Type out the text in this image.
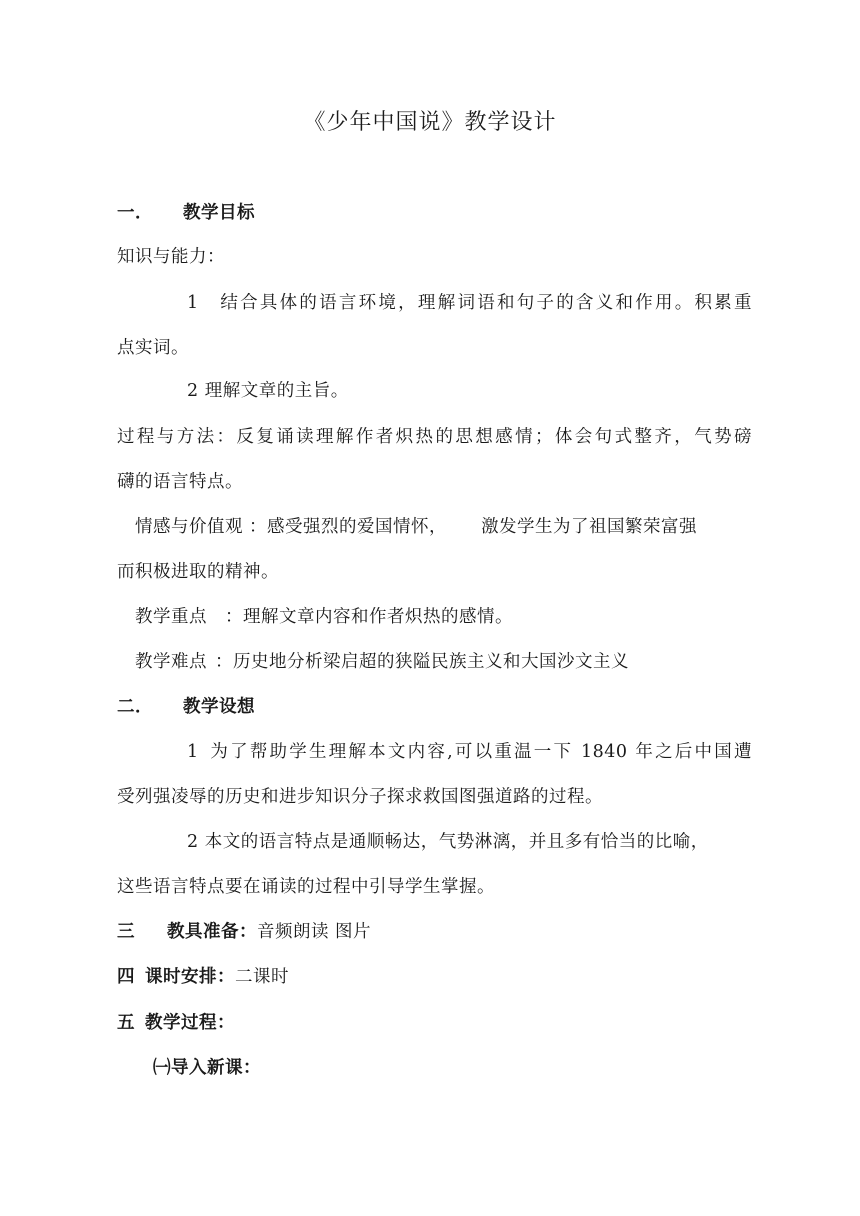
《少年中国说》教学设计
一． 教学目标
知识与能力：
1 结合具体的语言环境，理解词语和句子的含义和作用。积累重
点实词。
2 理解文章的主旨。
过程与方法：反复诵读理解作者炽热的思想感情；体会句式整齐，气势磅
礴的语言特点。
情感与价值观 ：感受强烈的爱国情怀， 激发学生为了祖国繁荣富强
而积极进取的精神。
教学重点 ：理解文章内容和作者炽热的感情。
教学难点 ：历史地分析梁启超的狭隘民族主义和大国沙文主义
二． 教学设想
1 为了帮助学生理解本文内容,可以重温一下 1840 年之后中国遭
受列强凌辱的历史和进步知识分子探求救国图强道路的过程。
2 本文的语言特点是通顺畅达，气势淋漓，并且多有恰当的比喻，
这些语言特点要在诵读的过程中引导学生掌握。
三 教具准备：音频朗读 图片
四 课时安排：二课时
五 教学过程：
㈠导入新课：
